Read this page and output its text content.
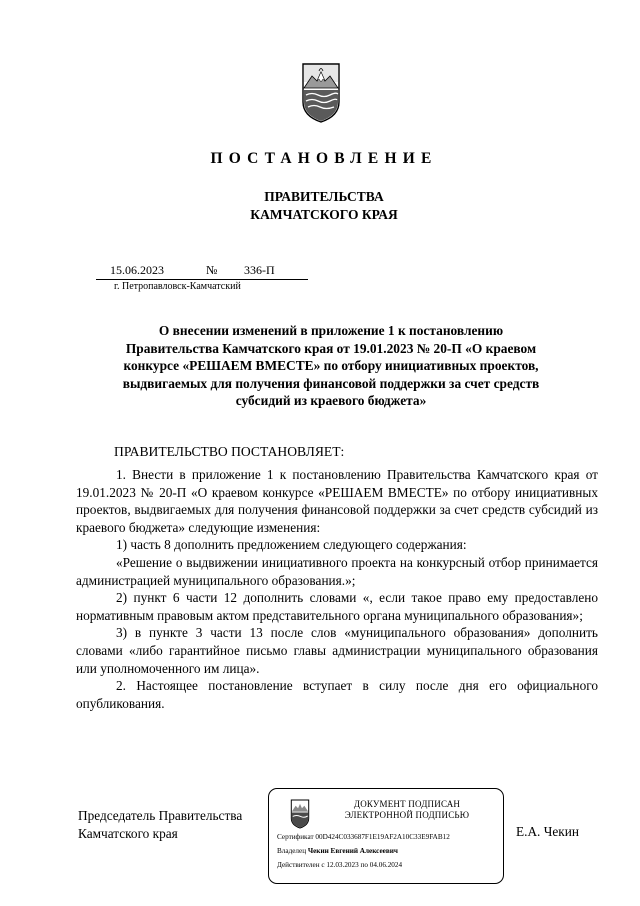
ПОСТАНОВЛЕНИЕ
ПРАВИТЕЛЬСТВА
КАМЧАТСКОГО КРАЯ
15.06.2023	№ 336-П
г. Петропавловск-Камчатский
О внесении изменений в приложение 1 к постановлению
Правительства Камчатского края от 19.01.2023 № 20-П «О краевом
конкурсе «РЕШАЕМ ВМЕСТЕ» по отбору инициативных проектов,
выдвигаемых для получения финансовой поддержки за счет средств
субсидий из краевого бюджета»
ПРАВИТЕЛЬСТВО ПОСТАНОВЛЯЕТ:

1. Внести в приложение 1 к постановлению Правительства Камчатского края от 19.01.2023 № 20-П «О краевом конкурсе «РЕШАЕМ ВМЕСТЕ» по отбору инициативных проектов, выдвигаемых для получения финансовой поддержки за счет средств субсидий из краевого бюджета» следующие изменения:

1) часть 8 дополнить предложением следующего содержания:

«Решение о выдвижении инициативного проекта на конкурсный отбор принимается администрацией муниципального образования.»;

2) пункт 6 части 12 дополнить словами «, если такое право ему предоставлено нормативным правовым актом представительного органа муниципального образования»;

3) в пункте 3 части 13 после слов «муниципального образования» дополнить словами «либо гарантийное письмо главы администрации муниципального образования или уполномоченного им лица».

2. Настоящее постановление вступает в силу после дня его официального опубликования.

Председатель Правительства
Камчатского края
ДОКУМЕНТ ПОДПИСАН
ЭЛЕКТРОННОЙ ПОДПИСЬЮ
Сертификат 00D424C033687F1E19AF2A10C33E9FAB12
Владелец Чекин Евгений Алексеевич
Действителен с 12.03.2023 по 04.06.2024
Е.А. Чекин
